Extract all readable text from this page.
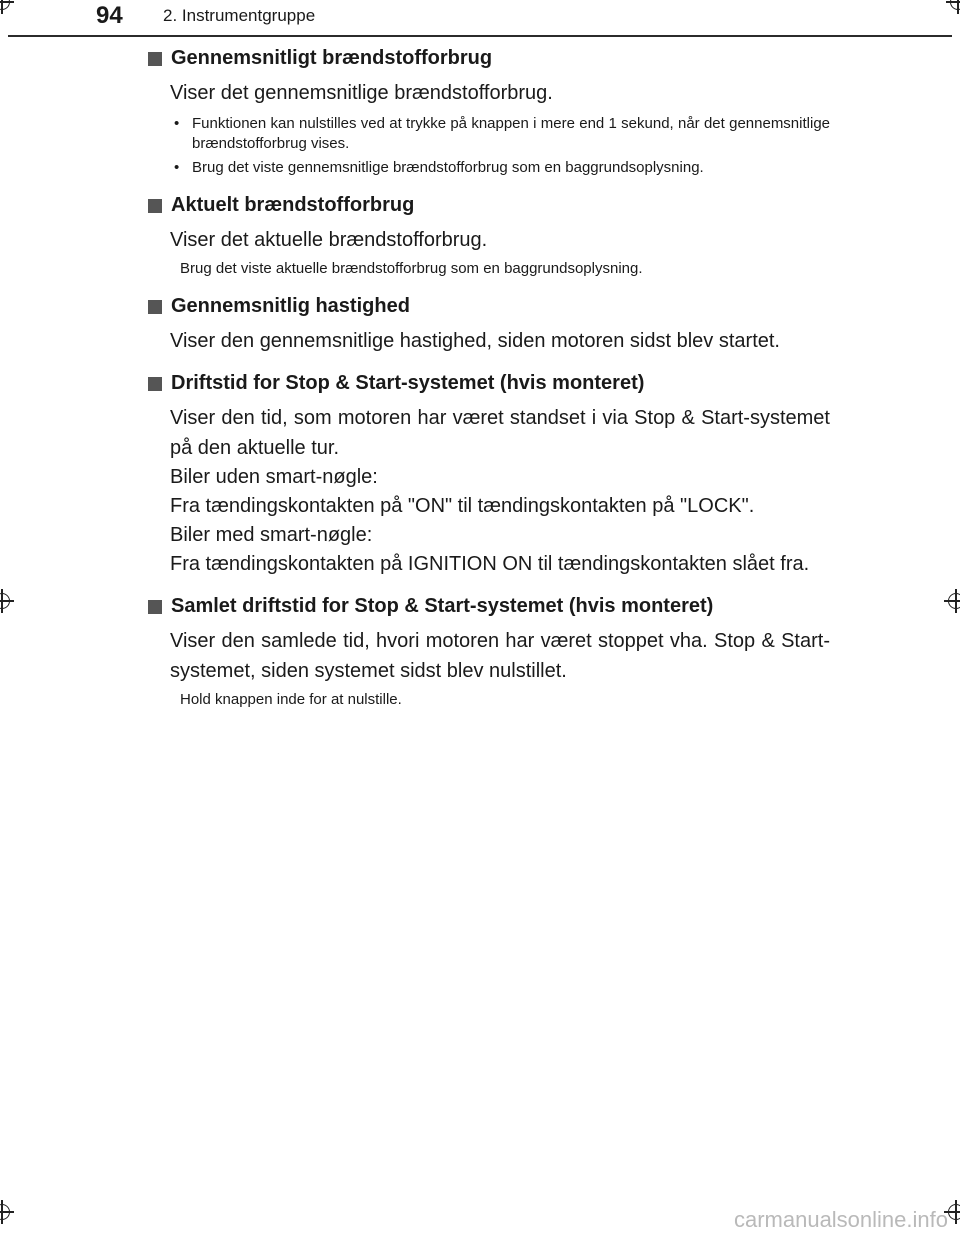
94 2. Instrumentgruppe
Gennemsnitligt brændstofforbrug

Viser det gennemsnitlige brændstofforbrug.

• Funktionen kan nulstilles ved at trykke på knappen i mere end 1 sekund, når det gennemsnitlige brændstofforbrug vises.
• Brug det viste gennemsnitlige brændstofforbrug som en baggrundsoplysning.
Aktuelt brændstofforbrug

Viser det aktuelle brændstofforbrug.

Brug det viste aktuelle brændstofforbrug som en baggrundsoplysning.

Gennemsnitlig hastighed

Viser den gennemsnitlige hastighed, siden motoren sidst blev startet.

Driftstid for Stop & Start-systemet (hvis monteret)

Viser den tid, som motoren har været standset i via Stop & Start-systemet på den aktuelle tur.

Biler uden smart-nøgle:

Fra tændingskontakten på "ON" til tændingskontakten på "LOCK".

Biler med smart-nøgle:

Fra tændingskontakten på IGNITION ON til tændingskontakten slået fra.

Samlet driftstid for Stop & Start-systemet (hvis monteret)

Viser den samlede tid, hvori motoren har været stoppet vha. Stop & Start-systemet, siden systemet sidst blev nulstillet.

Hold knappen inde for at nulstille.

carmanualsonline.info
